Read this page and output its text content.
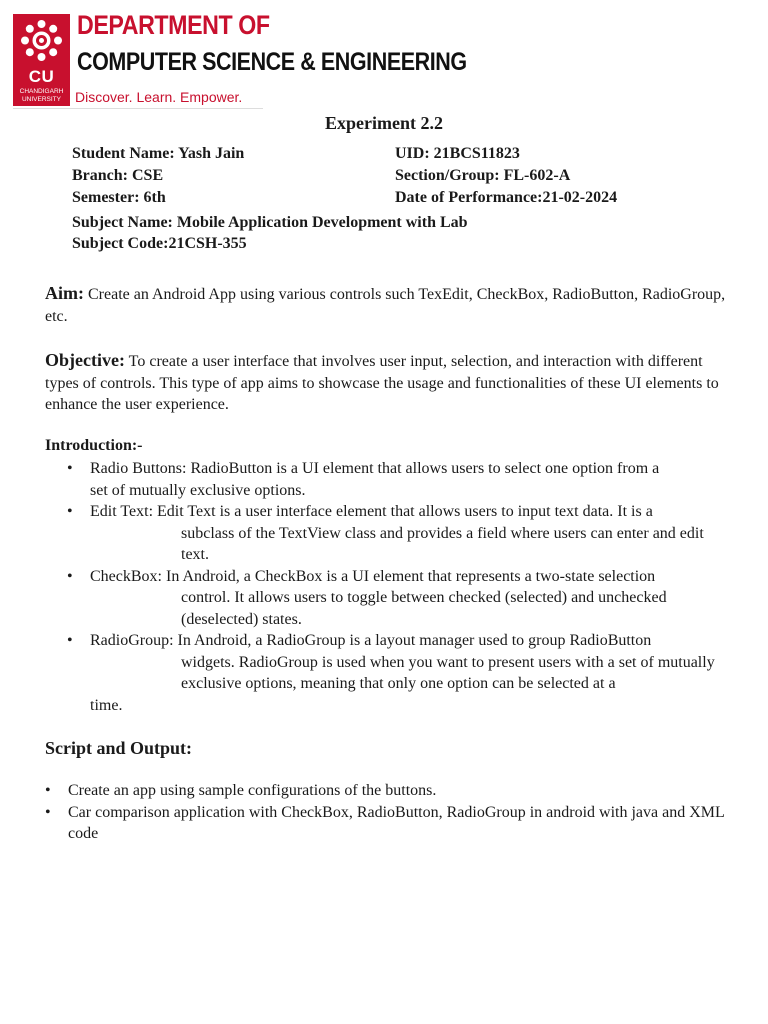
CU
CHANDIGARH
UNIVERSITY
DEPARTMENT OF
COMPUTER SCIENCE & ENGINEERING
Discover. Learn. Empower.
Experiment 2.2
Student Name: Yash Jain	UID: 21BCS11823
Branch: CSE	Section/Group: FL-602-A
Semester: 6th	Date of Performance:21-02-2024
Subject Name: Mobile Application Development with Lab
Subject Code:21CSH-355
Aim: Create an Android App using various controls such TexEdit, CheckBox, RadioButton, RadioGroup, etc.
Objective: To create a user interface that involves user input, selection, and interaction with different types of controls. This type of app aims to showcase the usage and functionalities of these UI elements to enhance the user experience.
Introduction:-
• Radio Buttons: RadioButton is a UI element that allows users to select one option from a
set of mutually exclusive options.
• Edit Text: Edit Text is a user interface element that allows users to input text data. It is a
subclass of the TextView class and provides a field where users can enter and edit text.
• CheckBox: In Android, a CheckBox is a UI element that represents a two-state selection
control. It allows users to toggle between checked (selected) and unchecked (deselected) states.
• RadioGroup: In Android, a RadioGroup is a layout manager used to group RadioButton
widgets. RadioGroup is used when you want to present users with a set of mutually exclusive options, meaning that only one option can be selected at a
time.
Script and Output:
• Create an app using sample configurations of the buttons.
• Car comparison application with CheckBox, RadioButton, RadioGroup in android with java and XML code
